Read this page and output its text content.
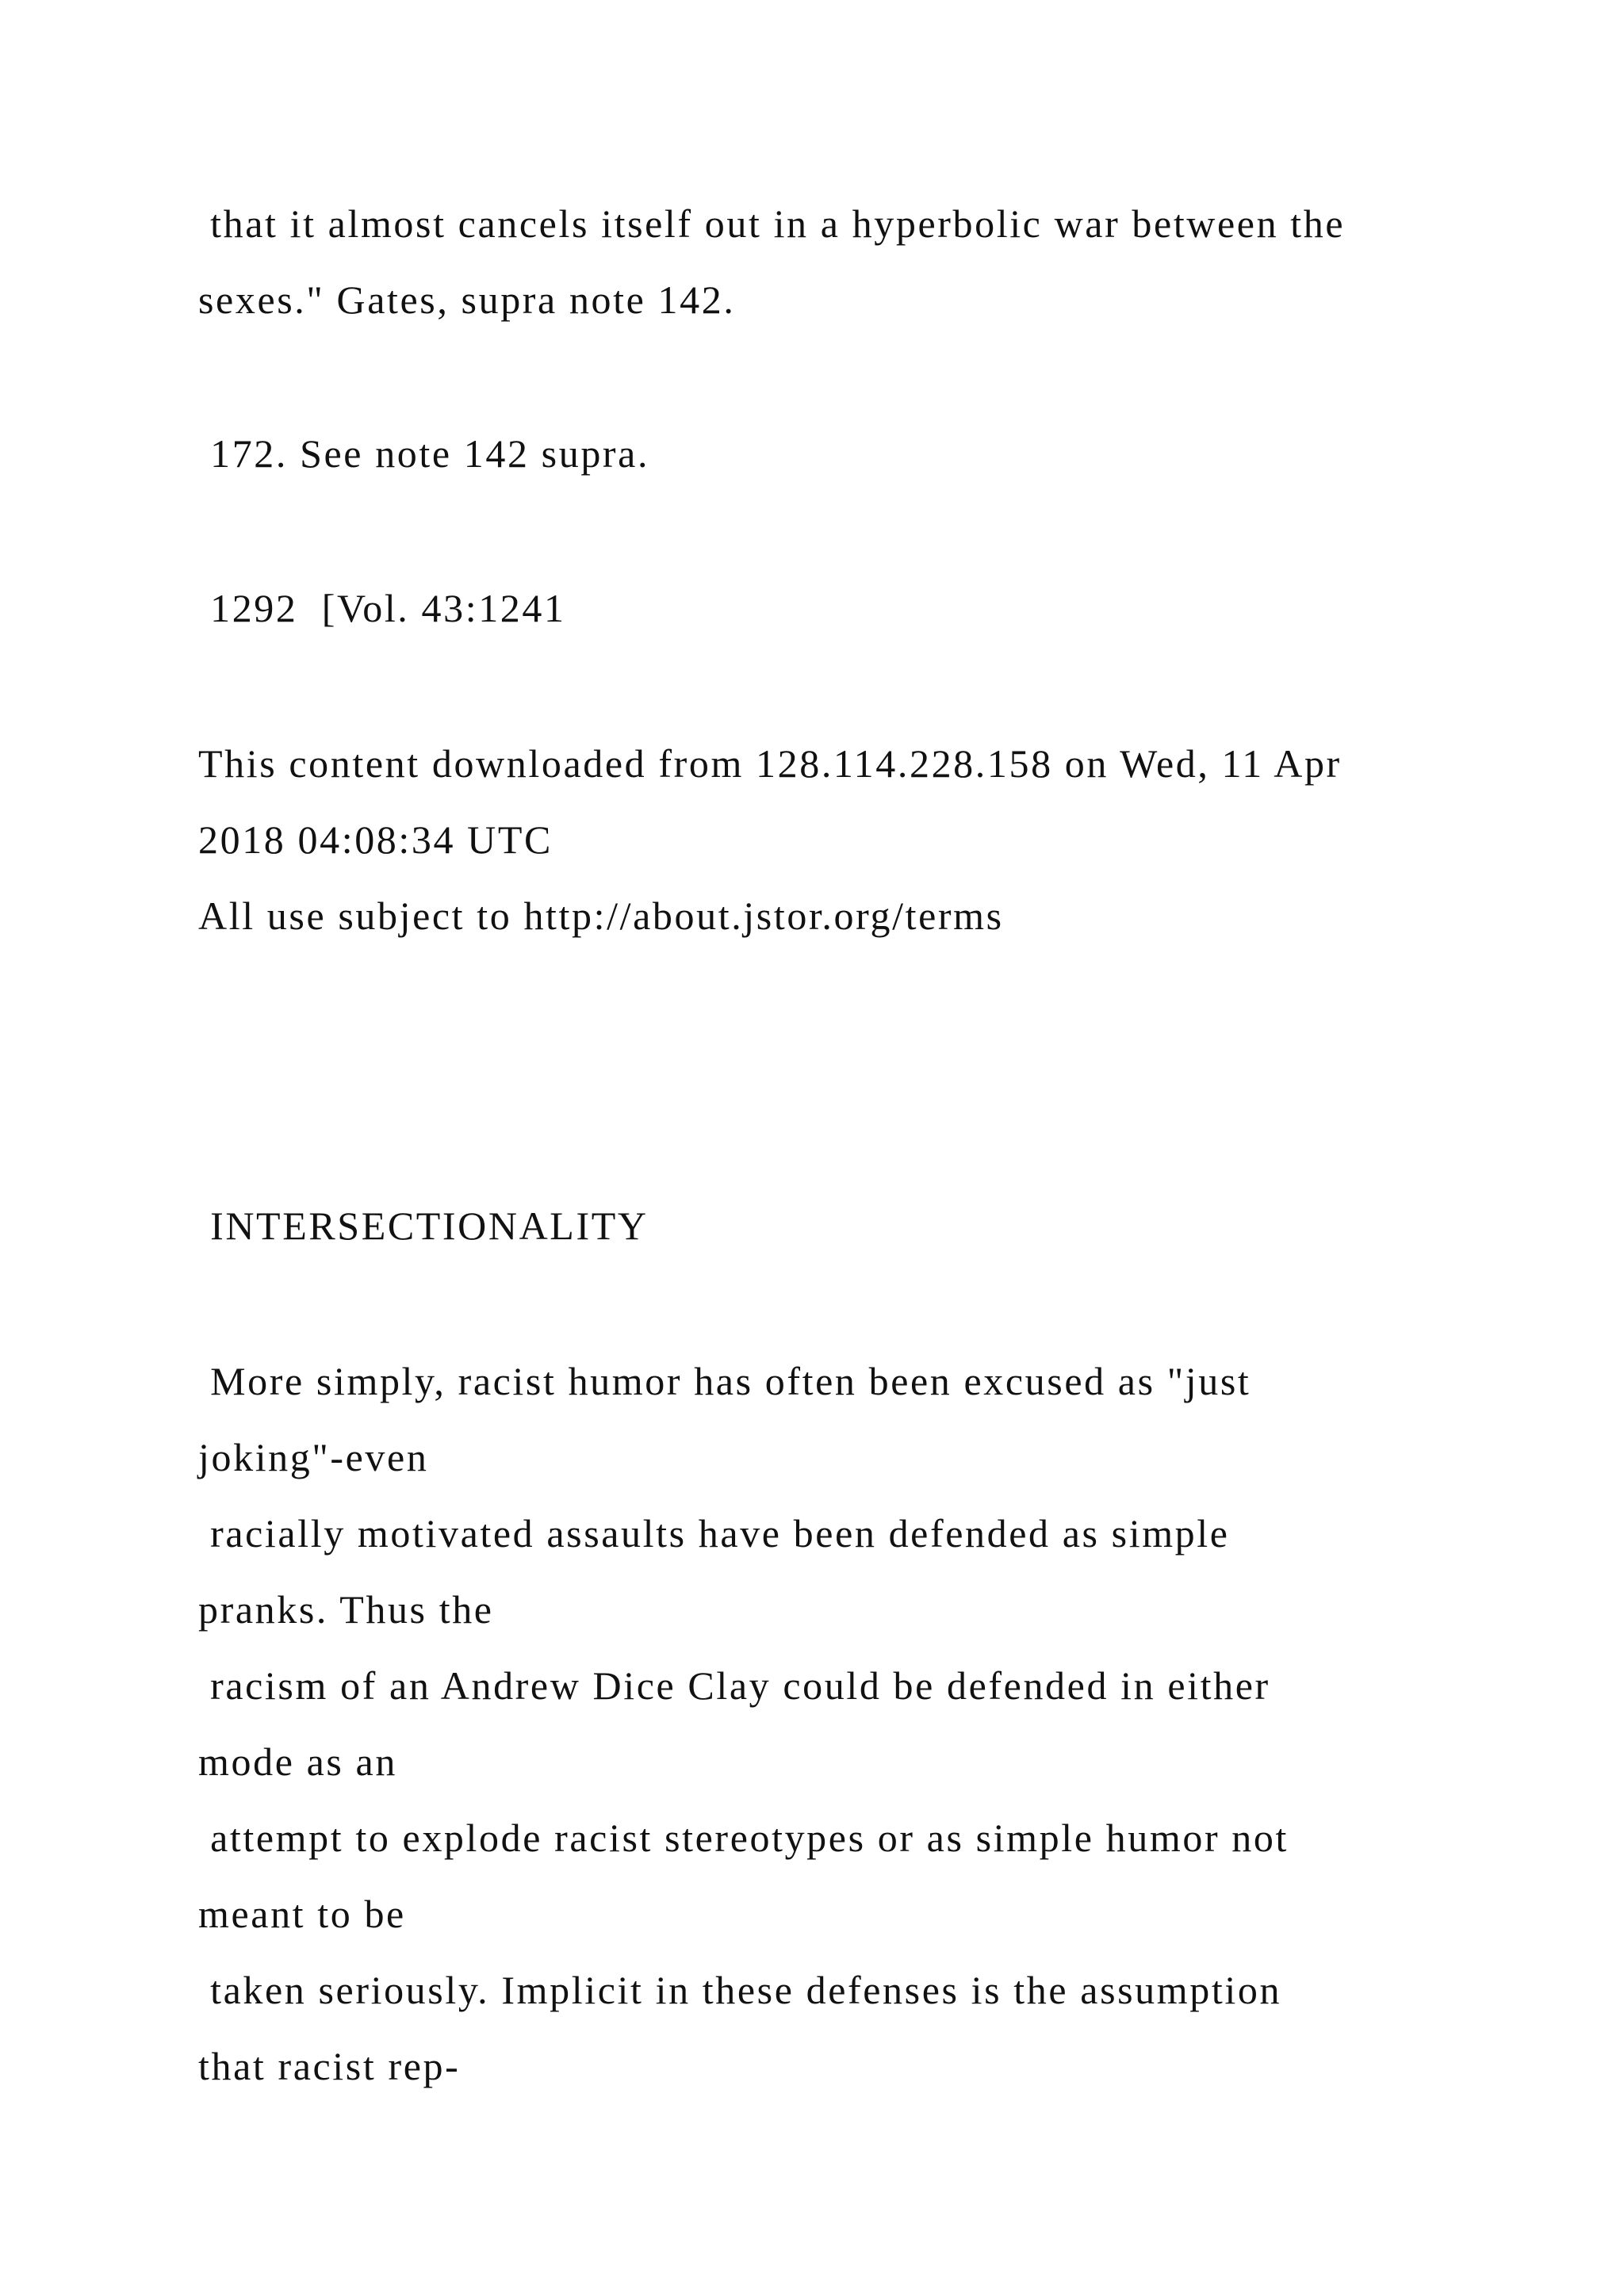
that it almost cancels itself out in a hyperbolic war between the
sexes." Gates, supra note 142.
172. See note 142 supra.
1292  [Vol. 43:1241
This content downloaded from 128.114.228.158 on Wed, 11 Apr
2018 04:08:34 UTC
All use subject to http://about.jstor.org/terms
INTERSECTIONALITY
More simply, racist humor has often been excused as "just
joking"-even
racially motivated assaults have been defended as simple
pranks. Thus the
racism of an Andrew Dice Clay could be defended in either
mode as an
attempt to explode racist stereotypes or as simple humor not
meant to be
taken seriously. Implicit in these defenses is the assumption
that racist rep-
